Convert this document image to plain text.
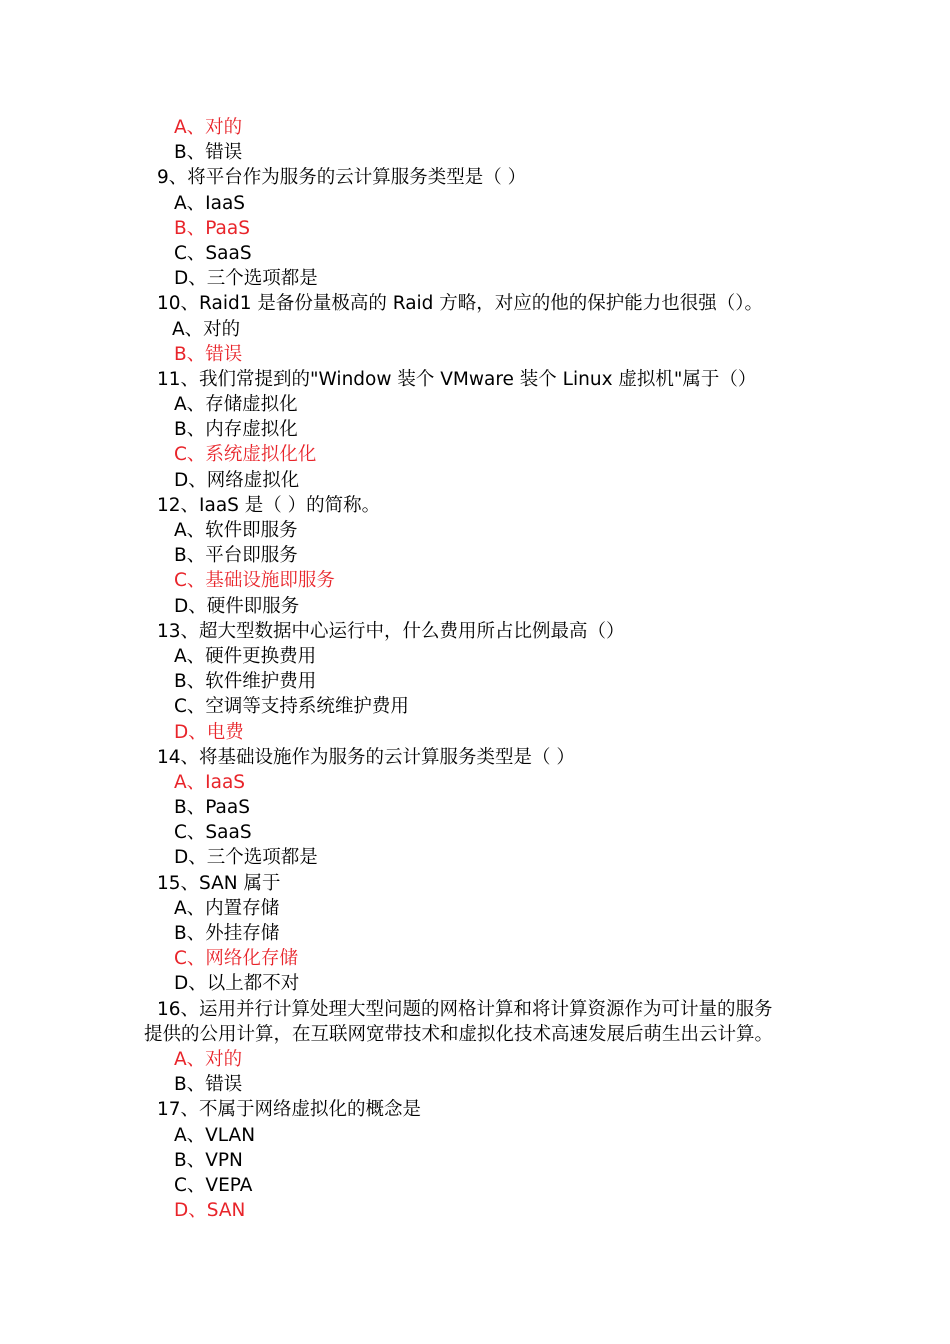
A、对的
B、错误
9、将平台作为服务的云计算服务类型是（ ）
A、IaaS
B、PaaS
C、SaaS
D、三个选项都是
10、Raid1 是备份量极高的 Raid 方略，对应的他的保护能力也很强（）。
A、对的
B、错误
11、我们常提到的"Window 装个 VMware 装个 Linux 虚拟机"属于（）
A、存储虚拟化
B、内存虚拟化
C、系统虚拟化化
D、网络虚拟化
12、IaaS 是（ ）的简称。
A、软件即服务
B、平台即服务
C、基础设施即服务
D、硬件即服务
13、超大型数据中心运行中，什么费用所占比例最高（）
A、硬件更换费用
B、软件维护费用
C、空调等支持系统维护费用
D、电费
14、将基础设施作为服务的云计算服务类型是（ ）
A、IaaS
B、PaaS
C、SaaS
D、三个选项都是
15、SAN 属于
A、内置存储
B、外挂存储
C、网络化存储
D、以上都不对
16、运用并行计算处理大型问题的网格计算和将计算资源作为可计量的服务
提供的公用计算，在互联网宽带技术和虚拟化技术高速发展后萌生出云计算。
A、对的
B、错误
17、不属于网络虚拟化的概念是
A、VLAN
B、VPN
C、VEPA
D、SAN
